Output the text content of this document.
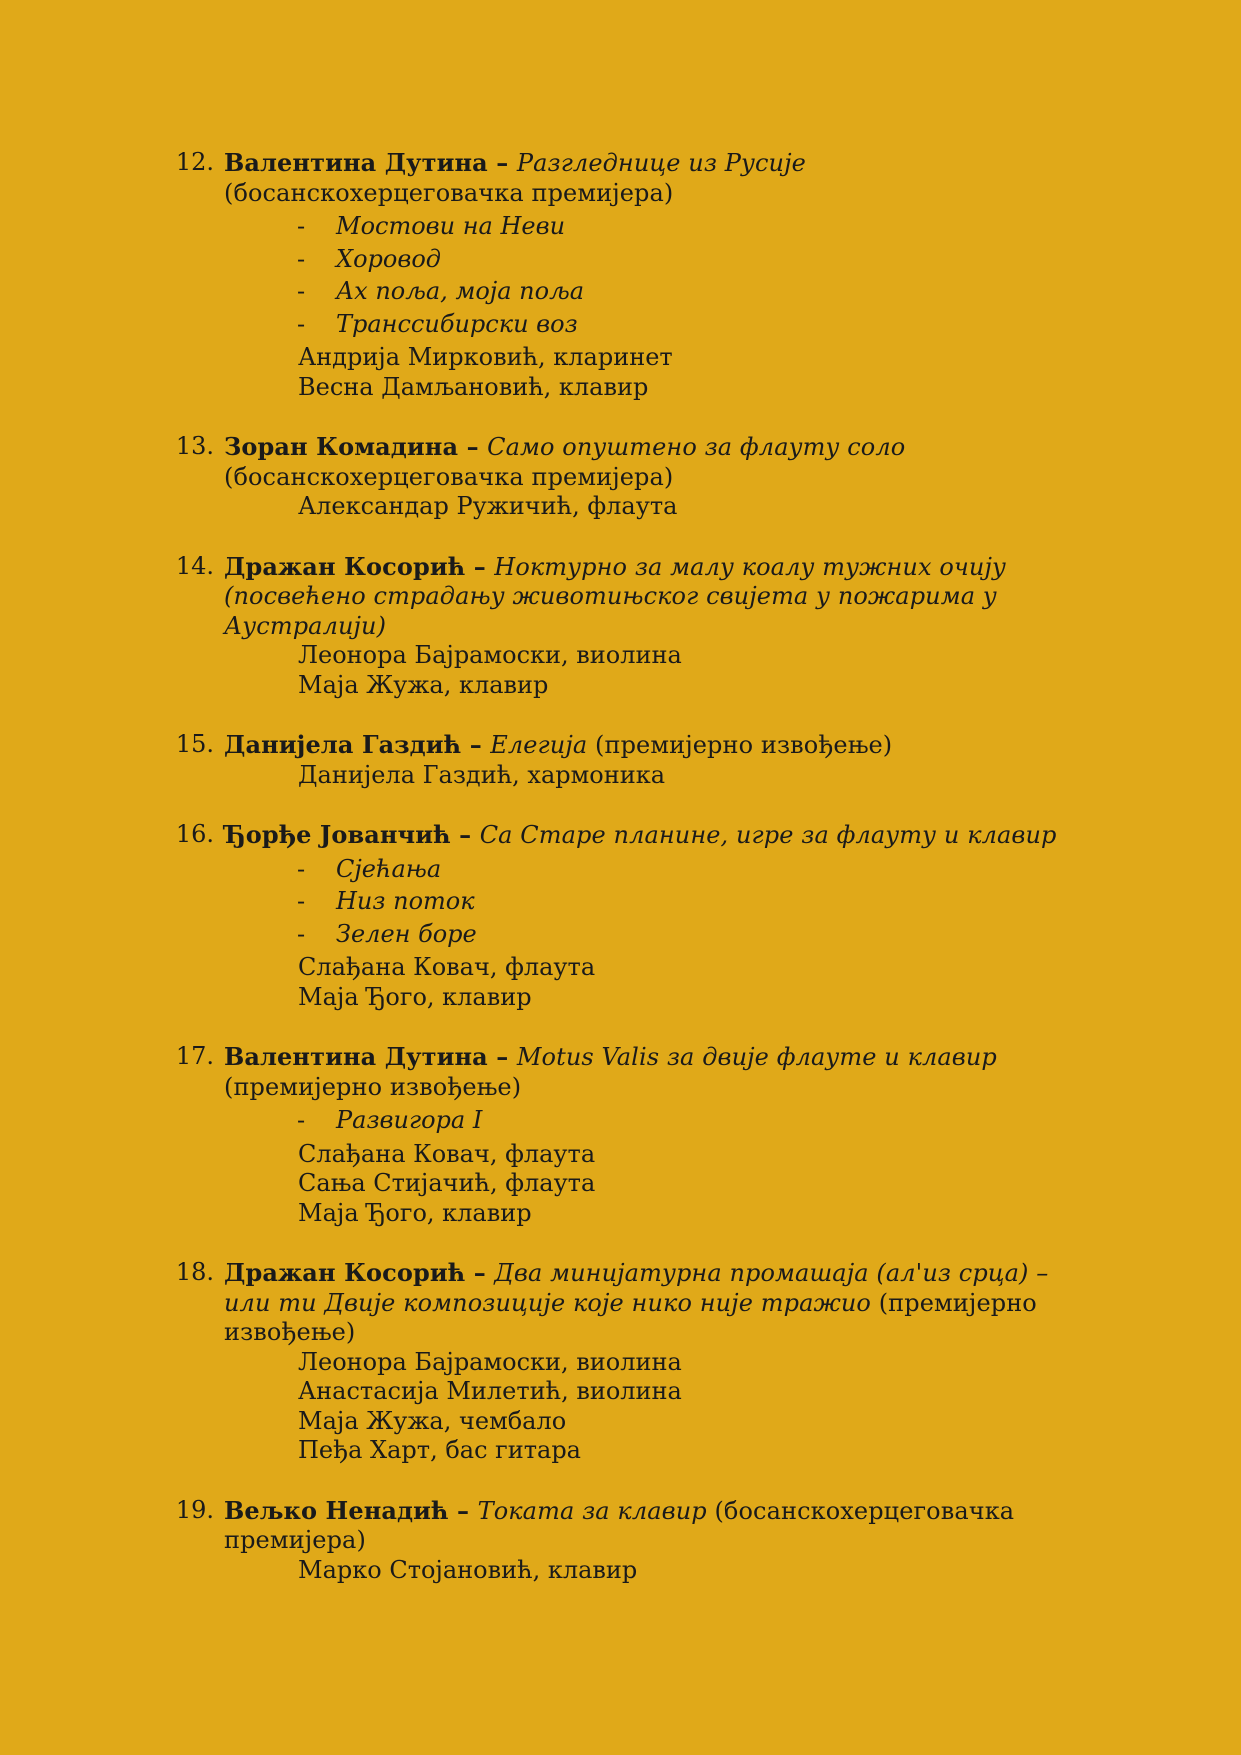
12. Валентина Дутина – Разгледнице из Русије (босанскохерцеговачка премијера)
- Мостови на Неви
- Хоровод
- Ах поља, моја поља
- Транссибирски воз
Андрија Мирковић, кларинет
Весна Дамљановић, клавир
13. Зоран Комадина – Само опуштено за флауту соло (босанскохерцеговачка премијера)
Александар Ружичић, флаута
14. Дражан Косорић – Ноктурно за малу коалу тужних очију (посвећено страдању животињског свијета у пожарима у Аустралији)
Леонора Бајрамоски, виолина
Маја Жужа, клавир
15. Данијела Газдић – Елегија (премијерно извођење)
Данијела Газдић, хармоника
16. Ђорђе Јованчић – Са Старе планине, игре за флауту и клавир
- Сјећања
- Низ поток
- Зелен боре
Слађана Ковач, флаута
Маја Ђого, клавир
17. Валентина Дутина – Motus Valis за двије флауте и клавир (премијерно извођење)
- Развигора I
Слађана Ковач, флаута
Сања Стијачић, флаута
Маја Ђого, клавир
18. Дражан Косорић – Два минијатурна промашаја (ал'из срца) – или ти Двије композиције које нико није тражио (премијерно извођење)
Леонора Бајрамоски, виолина
Анастасија Милетић, виолина
Маја Жужа, чембало
Пеђа Харт, бас гитара
19. Вељко Ненадић – Токата за клавир (босанскохерцеговачка премијера)
Марко Стојановић, клавир
